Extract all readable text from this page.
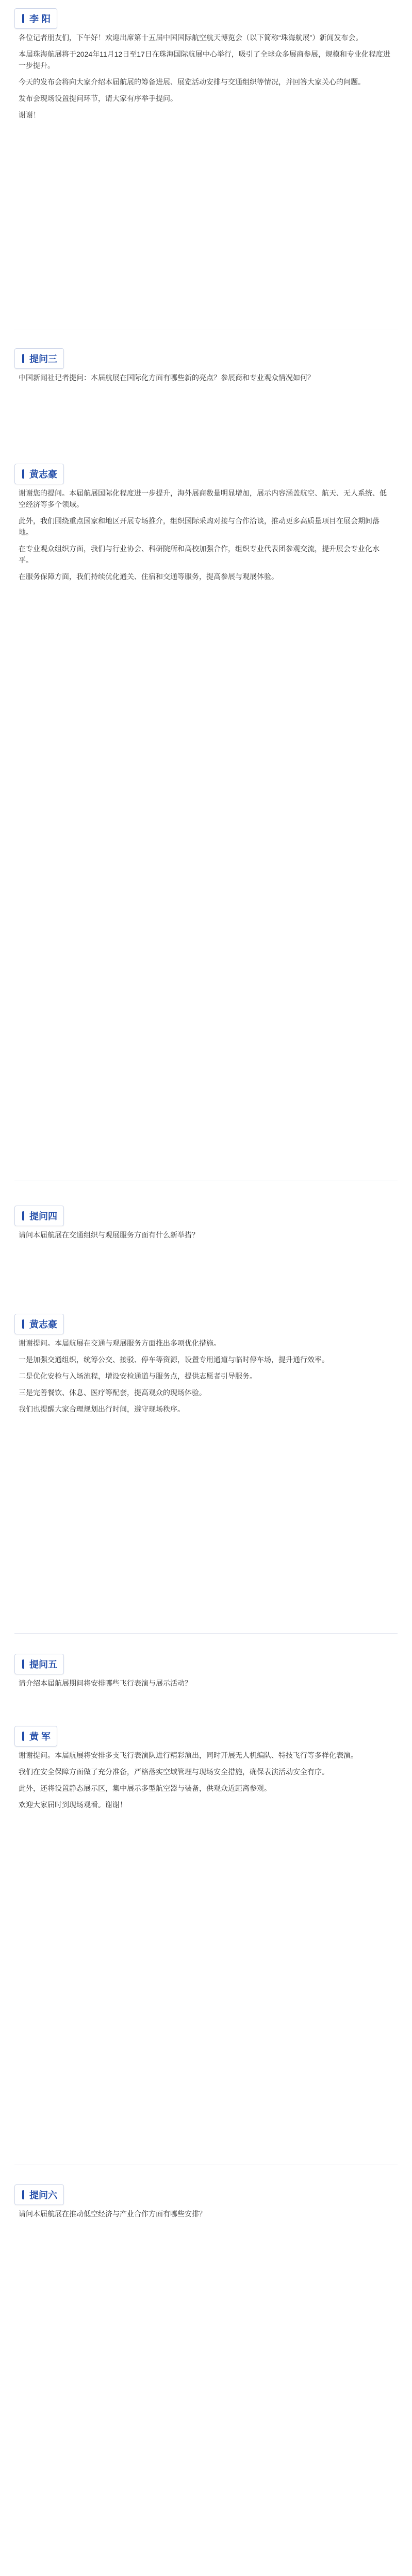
李 阳

各位记者朋友们，下午好！欢迎出席第十五届中国国际航空航天博览会（以下简称“珠海航展”）新闻发布会。

本届珠海航展将于2024年11月12日至17日在珠海国际航展中心举行，吸引了全球众多展商参展，规模和专业化程度进一步提升。

今天的发布会将向大家介绍本届航展的筹备进展、展览活动安排与交通组织等情况，并回答大家关心的问题。

发布会现场设置提问环节，请大家有序举手提问。

谢谢！

提问三

中国新闻社记者提问：本届航展在国际化方面有哪些新的亮点？参展商和专业观众情况如何？

黄志豪

谢谢您的提问。本届航展国际化程度进一步提升，海外展商数量明显增加，展示内容涵盖航空、航天、无人系统、低空经济等多个领域。

此外，我们围绕重点国家和地区开展专场推介，组织国际采购对接与合作洽谈，推动更多高质量项目在展会期间落地。

在专业观众组织方面，我们与行业协会、科研院所和高校加强合作，组织专业代表团参观交流，提升展会专业化水平。

在服务保障方面，我们持续优化通关、住宿和交通等服务，提高参展与观展体验。

提问四

请问本届航展在交通组织与观展服务方面有什么新举措？

黄志豪

谢谢提问。本届航展在交通与观展服务方面推出多项优化措施。

一是加强交通组织，统筹公交、接驳、停车等资源，设置专用通道与临时停车场，提升通行效率。

二是优化安检与入场流程，增设安检通道与服务点，提供志愿者引导服务。

三是完善餐饮、休息、医疗等配套，提高观众的现场体验。

我们也提醒大家合理规划出行时间，遵守现场秩序。

提问五

请介绍本届航展期间将安排哪些飞行表演与展示活动？

黄 军

谢谢提问。本届航展将安排多支飞行表演队进行精彩演出，同时开展无人机编队、特技飞行等多样化表演。

我们在安全保障方面做了充分准备，严格落实空域管理与现场安全措施，确保表演活动安全有序。

此外，还将设置静态展示区，集中展示多型航空器与装备，供观众近距离参观。

欢迎大家届时到现场观看。谢谢！

提问六

请问本届航展在推动低空经济与产业合作方面有哪些安排？
